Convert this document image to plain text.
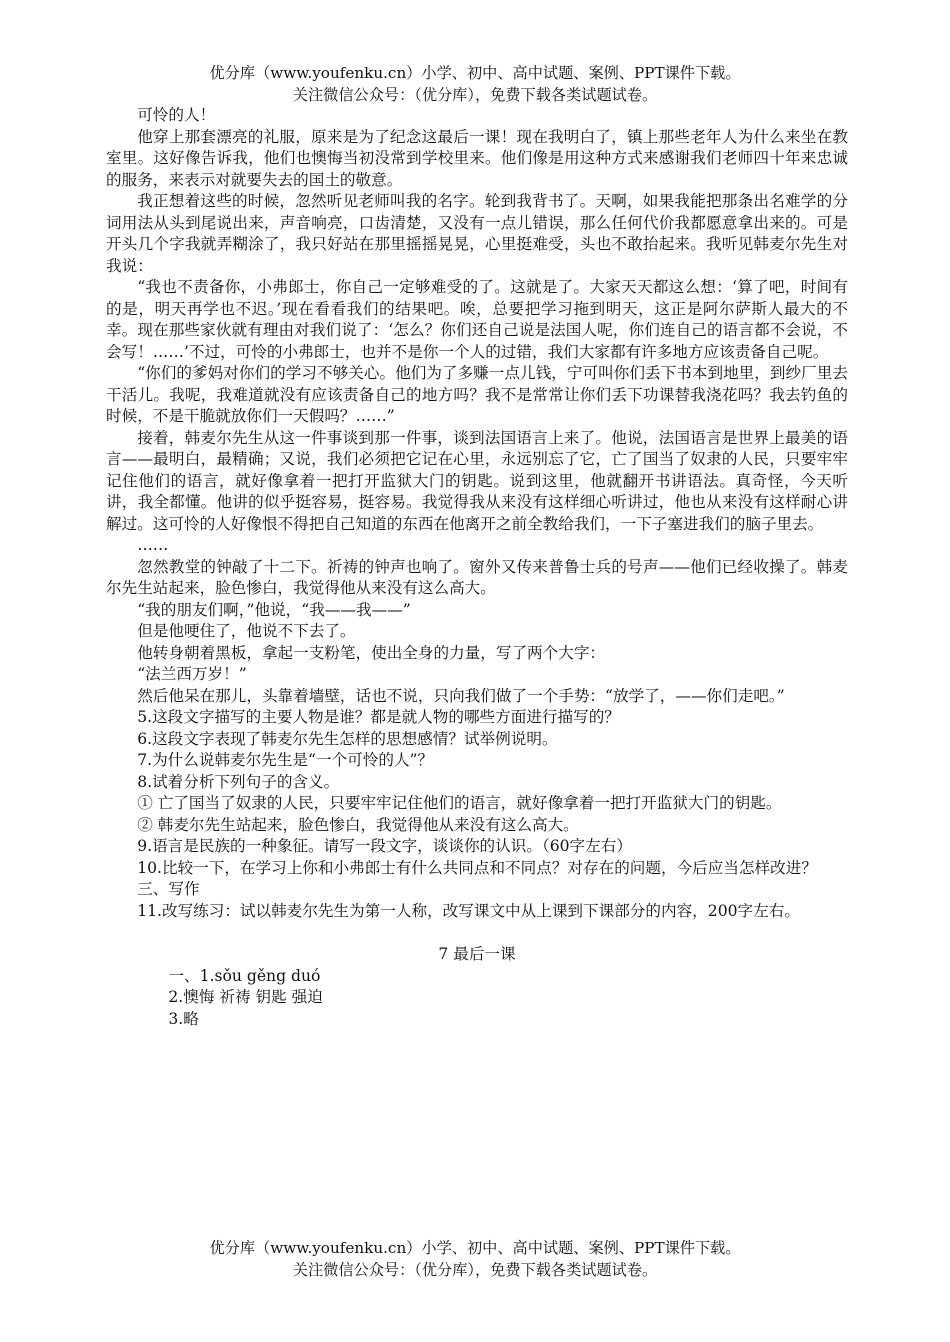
优分库（www.youfenku.cn）小学、初中、高中试题、案例、PPT课件下载。
关注微信公众号：（优分库），免费下载各类试题试卷。

可怜的人！

他穿上那套漂亮的礼服，原来是为了纪念这最后一课！现在我明白了，镇上那些老年人为什么来坐在教室里。这好像告诉我，他们也懊悔当初没常到学校里来。他们像是用这种方式来感谢我们老师四十年来忠诚的服务，来表示对就要失去的国土的敬意。

我正想着这些的时候，忽然听见老师叫我的名字。轮到我背书了。天啊，如果我能把那条出名难学的分词用法从头到尾说出来，声音响亮，口齿清楚，又没有一点儿错误，那么任何代价我都愿意拿出来的。可是开头几个字我就弄糊涂了，我只好站在那里摇摇晃晃，心里挺难受，头也不敢抬起来。我听见韩麦尔先生对我说：

“我也不责备你，小弗郎士，你自己一定够难受的了。这就是了。大家天天都这么想：‘算了吧，时间有的是，明天再学也不迟。’现在看看我们的结果吧。唉，总要把学习拖到明天，这正是阿尔萨斯人最大的不幸。现在那些家伙就有理由对我们说了：‘怎么？你们还自己说是法国人呢，你们连自己的语言都不会说，不会写！……’不过，可怜的小弗郎士，也并不是你一个人的过错，我们大家都有许多地方应该责备自己呢。

“你们的爹妈对你们的学习不够关心。他们为了多赚一点儿钱，宁可叫你们丢下书本到地里，到纱厂里去干活儿。我呢，我难道就没有应该责备自己的地方吗？我不是常常让你们丢下功课替我浇花吗？我去钓鱼的时候，不是干脆就放你们一天假吗？……”

接着，韩麦尔先生从这一件事谈到那一件事，谈到法国语言上来了。他说，法国语言是世界上最美的语言——最明白，最精确；又说，我们必须把它记在心里，永远别忘了它，亡了国当了奴隶的人民，只要牢牢记住他们的语言，就好像拿着一把打开监狱大门的钥匙。说到这里，他就翻开书讲语法。真奇怪，今天听讲，我全都懂。他讲的似乎挺容易，挺容易。我觉得我从来没有这样细心听讲过，他也从来没有这样耐心讲解过。这可怜的人好像恨不得把自己知道的东西在他离开之前全教给我们，一下子塞进我们的脑子里去。

……

忽然教堂的钟敲了十二下。祈祷的钟声也响了。窗外又传来普鲁士兵的号声——他们已经收操了。韩麦尔先生站起来，脸色惨白，我觉得他从来没有这么高大。

“我的朋友们啊，”他说，“我——我——”

但是他哽住了，他说不下去了。

他转身朝着黑板，拿起一支粉笔，使出全身的力量，写了两个大字：

“法兰西万岁！”

然后他呆在那儿，头靠着墙壁，话也不说，只向我们做了一个手势：“放学了，——你们走吧。”

5.这段文字描写的主要人物是谁？都是就人物的哪些方面进行描写的？

6.这段文字表现了韩麦尔先生怎样的思想感情？试举例说明。

7.为什么说韩麦尔先生是“一个可怜的人”？

8.试着分析下列句子的含义。

① 亡了国当了奴隶的人民，只要牢牢记住他们的语言，就好像拿着一把打开监狱大门的钥匙。

② 韩麦尔先生站起来，脸色惨白，我觉得他从来没有这么高大。

9.语言是民族的一种象征。请写一段文字，谈谈你的认识。（60字左右）

10.比较一下，在学习上你和小弗郎士有什么共同点和不同点？对存在的问题，今后应当怎样改进？

三、写作

11.改写练习：试以韩麦尔先生为第一人称，改写课文中从上课到下课部分的内容，200字左右。

7 最后一课

一、1.sǒu gěng duó

2.懊悔 祈祷 钥匙 强迫

3.略

优分库（www.youfenku.cn）小学、初中、高中试题、案例、PPT课件下载。
关注微信公众号：（优分库），免费下载各类试题试卷。
